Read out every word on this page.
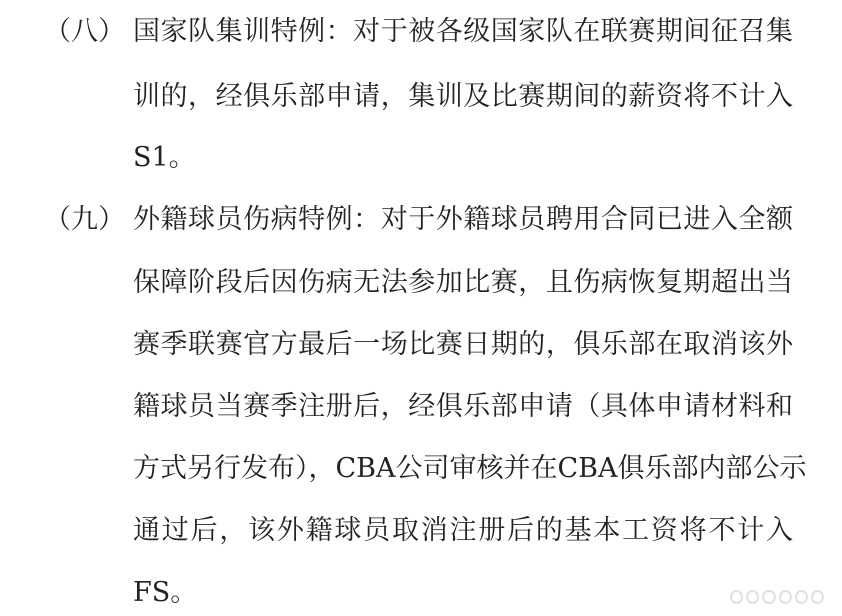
（八） 国家队集训特例：对于被各级国家队在联赛期间征召集
训的，经俱乐部申请，集训及比赛期间的薪资将不计入
S1。
（九） 外籍球员伤病特例：对于外籍球员聘用合同已进入全额
保障阶段后因伤病无法参加比赛，且伤病恢复期超出当
赛季联赛官方最后一场比赛日期的，俱乐部在取消该外
籍球员当赛季注册后，经俱乐部申请（具体申请材料和
方式另行发布），CBA公司审核并在CBA俱乐部内部公示
通过后，该外籍球员取消注册后的基本工资将不计入
FS。
